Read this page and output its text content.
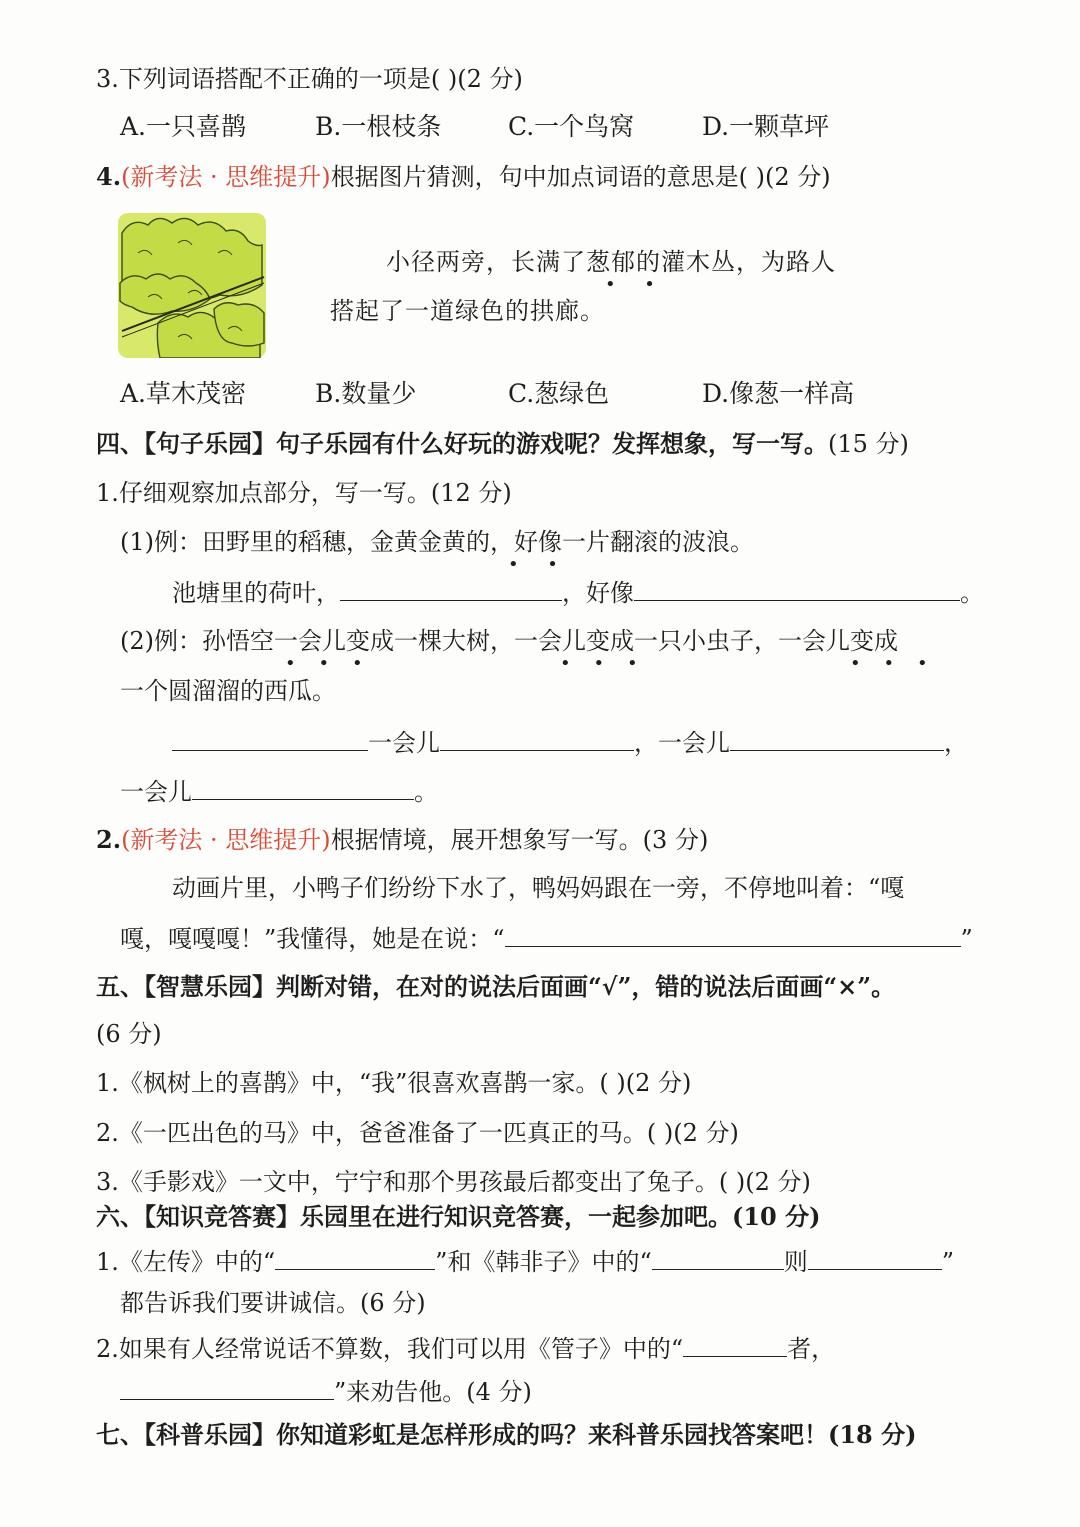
3.下列词语搭配不正确的一项是( )(2 分)
A.一只喜鹊	B.一根枝条	C.一个鸟窝	D.一颗草坪
4.(新考法 · 思维提升)根据图片猜测，句中加点词语的意思是( )(2 分)
小径两旁，长满了葱郁的灌木丛，为路人
•     •
搭起了一道绿色的拱廊。
A.草木茂密	B.数量少	C.葱绿色	D.像葱一样高
四、【句子乐园】句子乐园有什么好玩的游戏呢？发挥想象，写一写。(15 分)
1.仔细观察加点部分，写一写。(12 分)
(1)例：田野里的稻穗，金黄金黄的，好像一片翻滚的波浪。
•     •
池塘里的荷叶，	，好像	。
(2)例：孙悟空一会儿变成一棵大树，一会儿变成一只小虫子，一会儿变成
•    •    •	•    •    •	•    •    •
一个圆溜溜的西瓜。
一会儿	，一会儿	，
一会儿	。
2.(新考法 · 思维提升)根据情境，展开想象写一写。(3 分)
动画片里，小鸭子们纷纷下水了，鸭妈妈跟在一旁，不停地叫着：“嘎
嘎，嘎嘎嘎！”我懂得，她是在说：“	”
五、【智慧乐园】判断对错，在对的说法后面画“√”，错的说法后面画“×”。
(6 分)
1.《枫树上的喜鹊》中，“我”很喜欢喜鹊一家。( )(2 分)
2.《一匹出色的马》中，爸爸准备了一匹真正的马。( )(2 分)
3.《手影戏》一文中，宁宁和那个男孩最后都变出了兔子。( )(2 分)
六、【知识竞答赛】乐园里在进行知识竞答赛，一起参加吧。(10 分)
1.《左传》中的“	”和《韩非子》中的“	则	”
都告诉我们要讲诚信。(6 分)
2.如果有人经常说话不算数，我们可以用《管子》中的“	者，
”来劝告他。(4 分)
七、【科普乐园】你知道彩虹是怎样形成的吗？来科普乐园找答案吧！(18 分)
